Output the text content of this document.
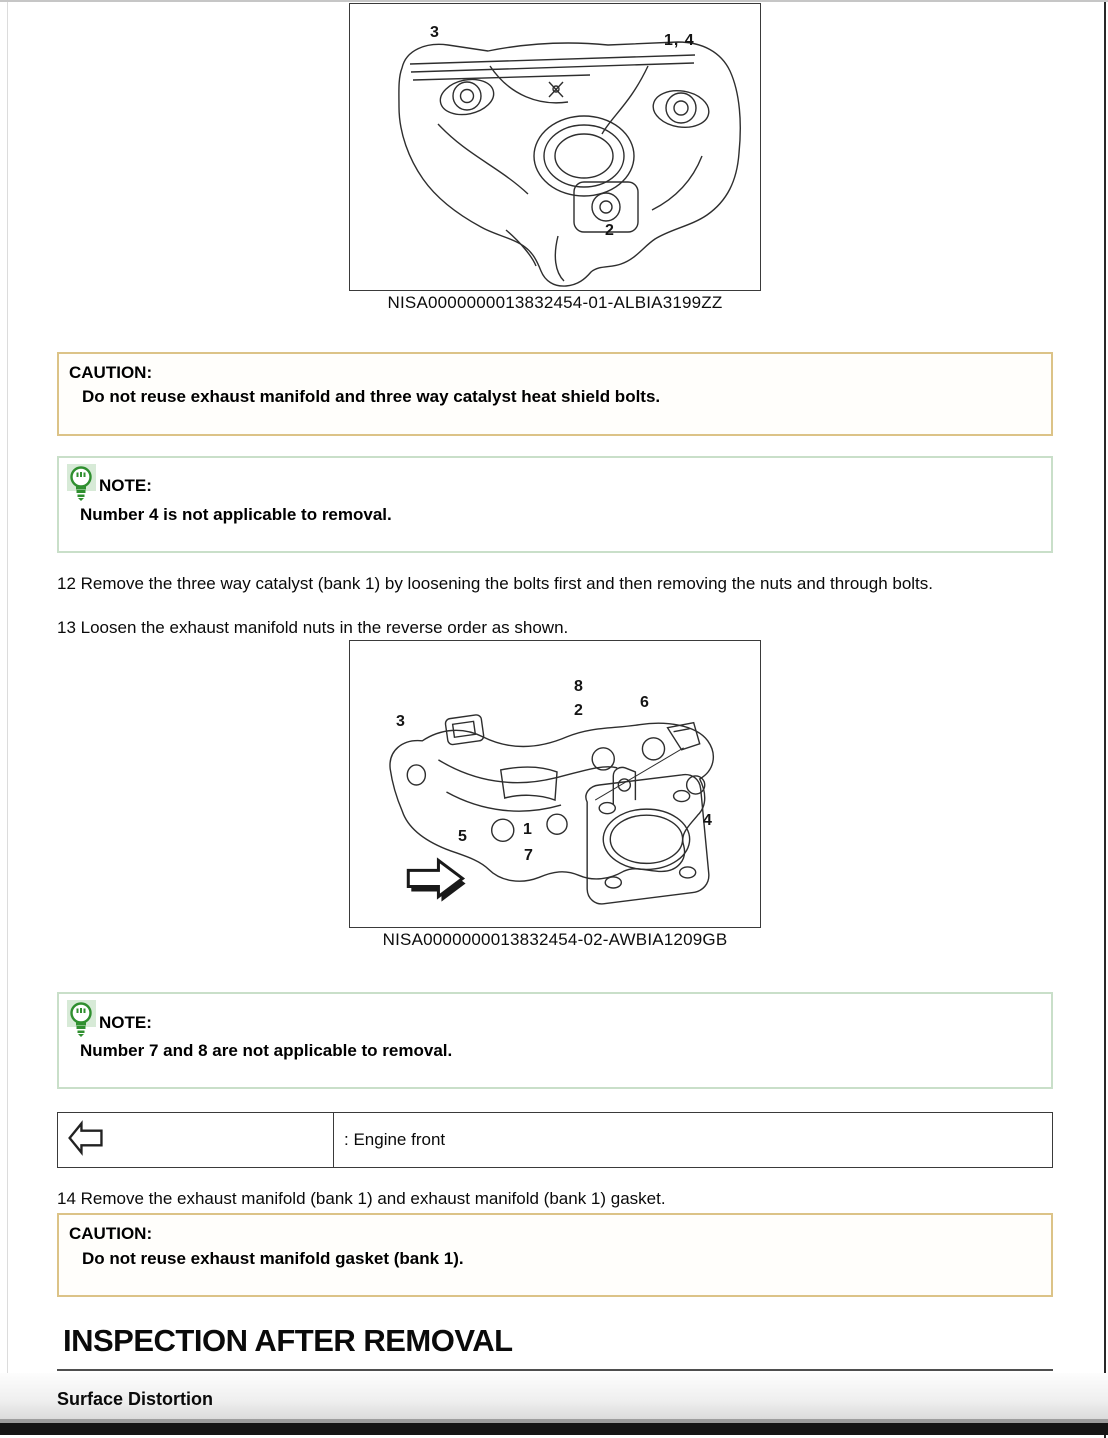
3	1, 4
2
NISA0000000013832454-01-ALBIA3199ZZ
CAUTION:
Do not reuse exhaust manifold and three way catalyst heat shield bolts.
NOTE:
Number 4 is not applicable to removal.

12 Remove the three way catalyst (bank 1) by loosening the bolts first and then removing the nuts and through bolts.

13 Loosen the exhaust manifold nuts in the reverse order as shown.

3
8
2	6
5	1
7
4
NISA0000000013832454-02-AWBIA1209GB
NOTE:
Number 7 and 8 are not applicable to removal.
	: Engine front

14 Remove the exhaust manifold (bank 1) and exhaust manifold (bank 1) gasket.

CAUTION:
Do not reuse exhaust manifold gasket (bank 1).
INSPECTION AFTER REMOVAL
Surface Distortion
